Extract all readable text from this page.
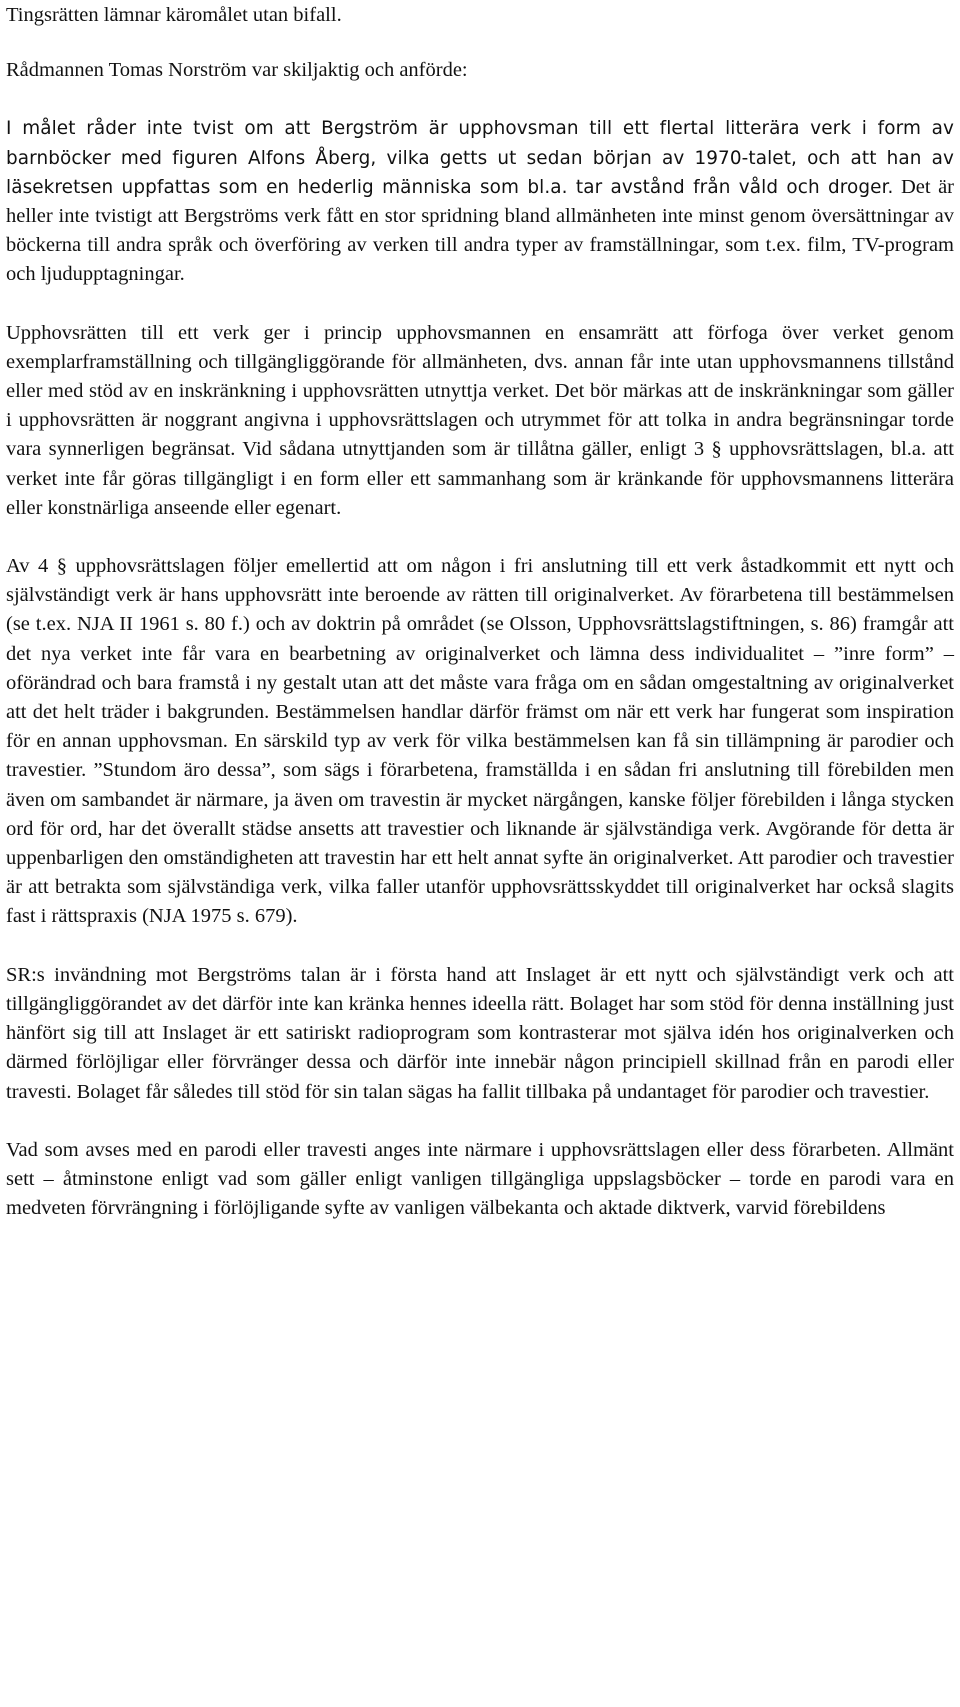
Tingsrätten lämnar käromålet utan bifall.

Rådmannen Tomas Norström var skiljaktig och anförde:

I målet råder inte tvist om att Bergström är upphovsman till ett flertal litterära verk i form av barnböcker med figuren Alfons Åberg, vilka getts ut sedan början av 1970-talet, och att han av läsekretsen uppfattas som en hederlig människa som bl.a. tar avstånd från våld och droger. Det är heller inte tvistigt att Bergströms verk fått en stor spridning bland allmänheten inte minst genom översättningar av böckerna till andra språk och överföring av verken till andra typer av framställningar, som t.ex. film, TV-program och ljudupptagningar.

Upphovsrätten till ett verk ger i princip upphovsmannen en ensamrätt att förfoga över verket genom exemplarframställning och tillgängliggörande för allmänheten, dvs. annan får inte utan upphovsmannens tillstånd eller med stöd av en inskränkning i upphovsrätten utnyttja verket. Det bör märkas att de inskränkningar som gäller i upphovsrätten är noggrant angivna i upphovsrättslagen och utrymmet för att tolka in andra begränsningar torde vara synnerligen begränsat. Vid sådana utnyttjanden som är tillåtna gäller, enligt 3 § upphovsrättslagen, bl.a. att verket inte får göras tillgängligt i en form eller ett sammanhang som är kränkande för upphovsmannens litterära eller konstnärliga anseende eller egenart.

Av 4 § upphovsrättslagen följer emellertid att om någon i fri anslutning till ett verk åstadkommit ett nytt och självständigt verk är hans upphovsrätt inte beroende av rätten till originalverket. Av förarbetena till bestämmelsen (se t.ex. NJA II 1961 s. 80 f.) och av doktrin på området (se Olsson, Upphovsrättslagstiftningen, s. 86) framgår att det nya verket inte får vara en bearbetning av originalverket och lämna dess individualitet – ”inre form” – oförändrad och bara framstå i ny gestalt utan att det måste vara fråga om en sådan omgestaltning av originalverket att det helt träder i bakgrunden. Bestämmelsen handlar därför främst om när ett verk har fungerat som inspiration för en annan upphovsman. En särskild typ av verk för vilka bestämmelsen kan få sin tillämpning är parodier och travestier. ”Stundom äro dessa”, som sägs i förarbetena, framställda i en sådan fri anslutning till förebilden men även om sambandet är närmare, ja även om travestin är mycket närgången, kanske följer förebilden i långa stycken ord för ord, har det överallt städse ansetts att travestier och liknande är självständiga verk. Avgörande för detta är uppenbarligen den omständigheten att travestin har ett helt annat syfte än originalverket. Att parodier och travestier är att betrakta som självständiga verk, vilka faller utanför upphovsrättsskyddet till originalverket har också slagits fast i rättspraxis (NJA 1975 s. 679).

SR:s invändning mot Bergströms talan är i första hand att Inslaget är ett nytt och självständigt verk och att tillgängliggörandet av det därför inte kan kränka hennes ideella rätt. Bolaget har som stöd för denna inställning just hänfört sig till att Inslaget är ett satiriskt radioprogram som kontrasterar mot själva idén hos originalverken och därmed förlöjligar eller förvränger dessa och därför inte innebär någon principiell skillnad från en parodi eller travesti. Bolaget får således till stöd för sin talan sägas ha fallit tillbaka på undantaget för parodier och travestier.

Vad som avses med en parodi eller travesti anges inte närmare i upphovsrättslagen eller dess förarbeten. Allmänt sett – åtminstone enligt vad som gäller enligt vanligen tillgängliga uppslagsböcker – torde en parodi vara en medveten förvrängning i förlöjligande syfte av vanligen välbekanta och aktade diktverk, varvid förebildens
